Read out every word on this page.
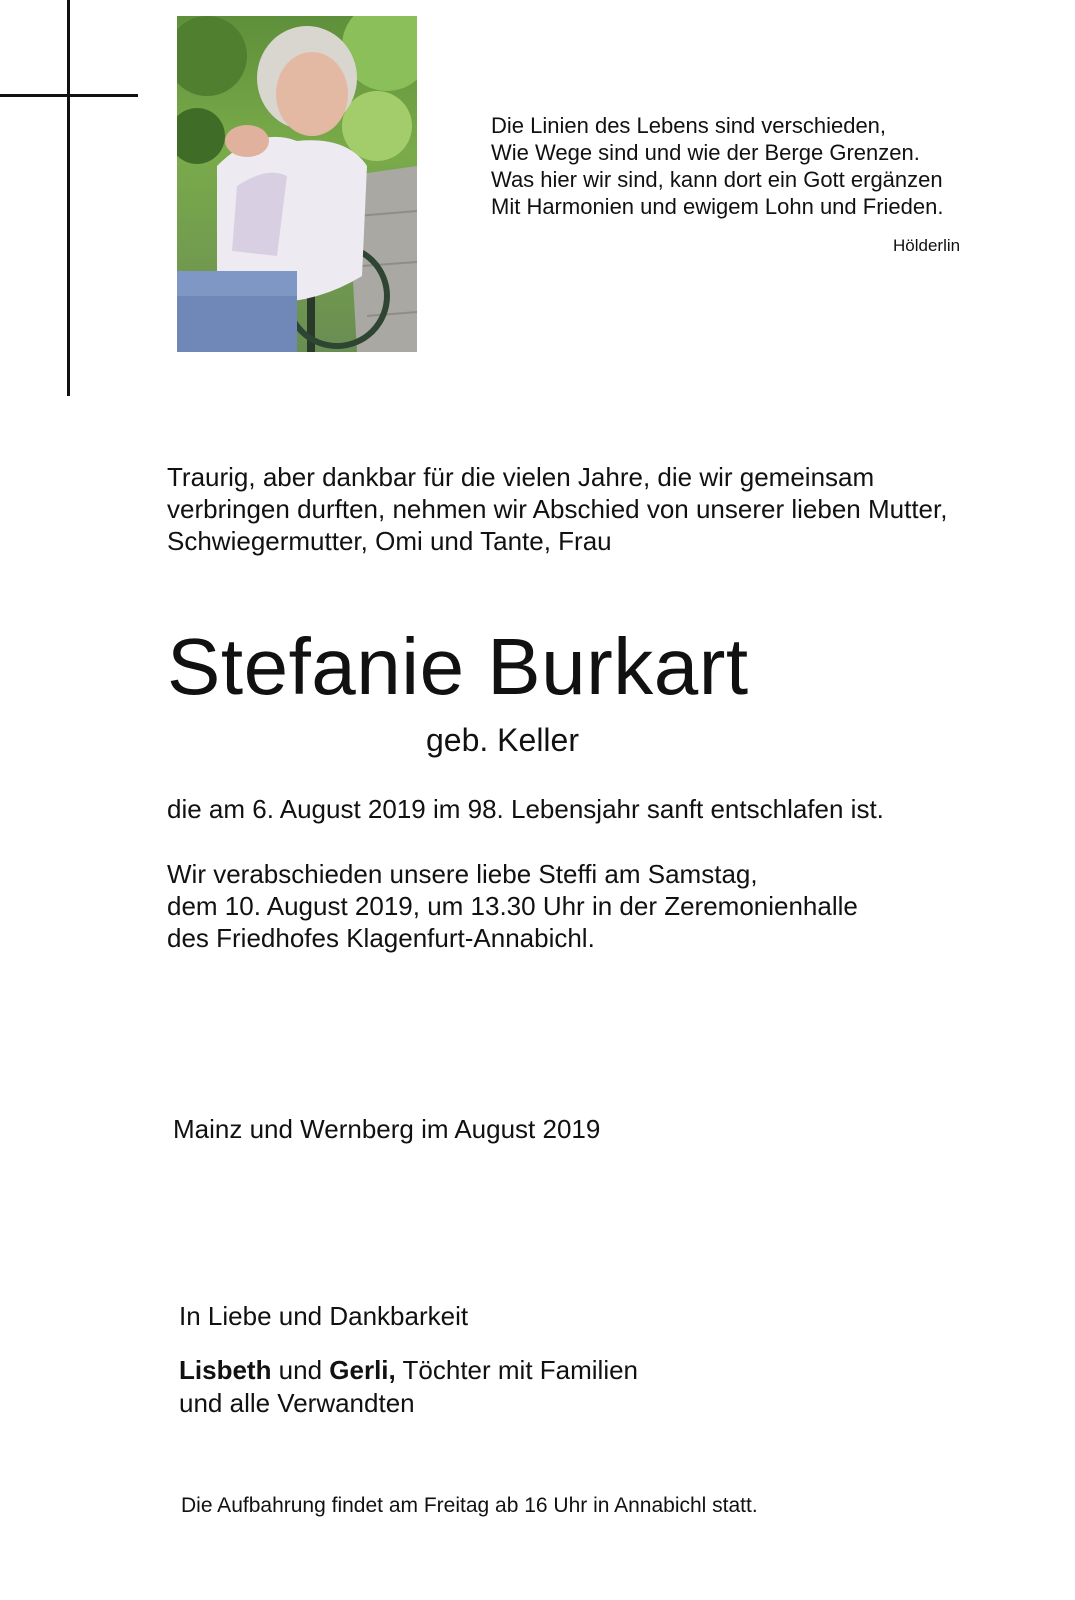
Die Linien des Lebens sind verschieden,
Wie Wege sind und wie der Berge Grenzen.
Was hier wir sind, kann dort ein Gott ergänzen
Mit Harmonien und ewigem Lohn und Frieden.
Hölderlin
Traurig, aber dankbar für die vielen Jahre, die wir gemeinsam
verbringen durften, nehmen wir Abschied von unserer lieben Mutter,
Schwiegermutter, Omi und Tante, Frau
Stefanie Burkart
geb. Keller
die am 6. August 2019 im 98. Lebensjahr sanft entschlafen ist.
Wir verabschieden unsere liebe Steffi am Samstag,
dem 10. August 2019, um 13.30 Uhr in der Zeremonienhalle
des Friedhofes Klagenfurt-Annabichl.
Mainz und Wernberg im August 2019
In Liebe und Dankbarkeit
Lisbeth und Gerli, Töchter mit Familien
und alle Verwandten
Die Aufbahrung findet am Freitag ab 16 Uhr in Annabichl statt.
